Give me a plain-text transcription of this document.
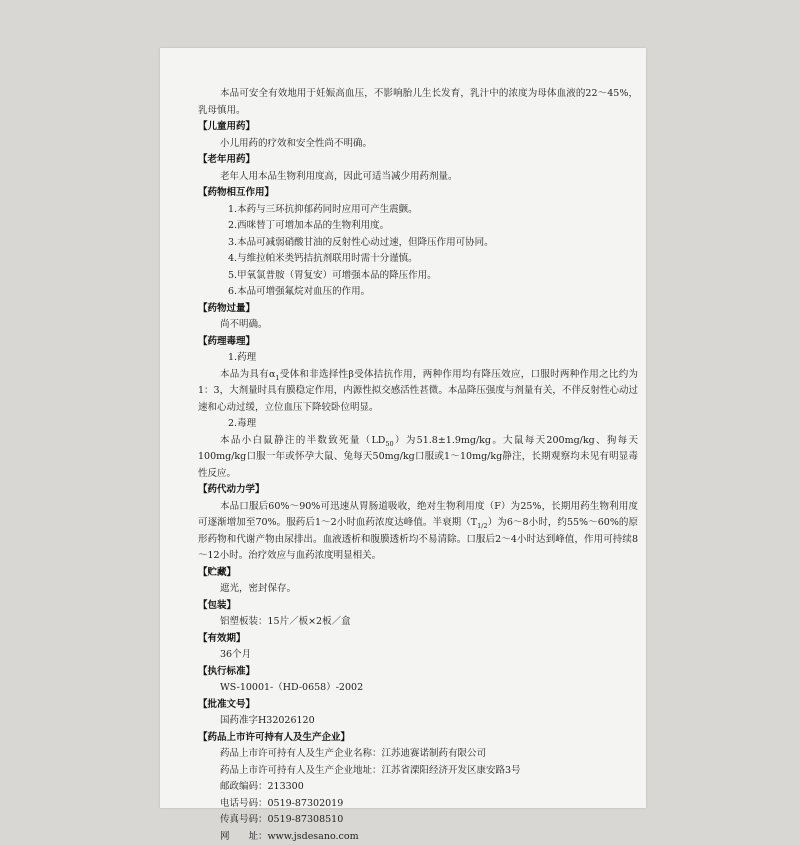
本品可安全有效地用于妊娠高血压，不影响胎儿生长发育，乳汁中的浓度为母体血液的22～45%，乳母慎用。

【儿童用药】

小儿用药的疗效和安全性尚不明确。

【老年用药】

老年人用本品生物利用度高，因此可适当减少用药剂量。

【药物相互作用】

1.本药与三环抗抑郁药同时应用可产生震颤。

2.西咪替丁可增加本品的生物利用度。

3.本品可减弱硝酸甘油的反射性心动过速，但降压作用可协同。

4.与维拉帕米类钙拮抗剂联用时需十分谨慎。

5.甲氧氯普胺（胃复安）可增强本品的降压作用。

6.本品可增强氟烷对血压的作用。

【药物过量】

尚不明确。

【药理毒理】

1.药理

本品为具有$\alpha_1$受体和非选择性β受体拮抗作用，两种作用均有降压效应，口服时两种作用之比约为1：3，大剂量时具有膜稳定作用，内源性拟交感活性甚微。本品降压强度与剂量有关，不伴反射性心动过速和心动过缓，立位血压下降较卧位明显。

2.毒理

本品小白鼠静注的半数致死量$(LD_{50})$为51.8±1.9mg/kg。大鼠每天200mg/kg、狗每天100mg/kg口服一年或怀孕大鼠、兔每天50mg/kg口服或1～10mg/kg静注，长期观察均未见有明显毒性反应。

【药代动力学】

本品口服后60%～90%可迅速从胃肠道吸收，绝对生物利用度（F）为25%，长期用药生物利用度可逐渐增加至70%。服药后1～2小时血药浓度达峰值。半衰期$(T_{1/2})$为6～8小时，约55%～60%的原形药物和代谢产物由尿排出。血液透析和腹膜透析均不易清除。口服后2～4小时达到峰值，作用可持续8～12小时。治疗效应与血药浓度明显相关。

【贮藏】

遮光，密封保存。

【包装】

铝塑板装：15片／板×2板／盒

【有效期】

36个月

【执行标准】

WS-10001-（HD-0658）-2002

【批准文号】

国药准字H32026120

【药品上市许可持有人及生产企业】

药品上市许可持有人及生产企业名称：江苏迪赛诺制药有限公司

药品上市许可持有人及生产企业地址：江苏省溧阳经济开发区康安路3号

邮政编码：213300

电话号码：0519-87302019

传真号码：0519-87308510

网　　址：www.jsdesano.com
